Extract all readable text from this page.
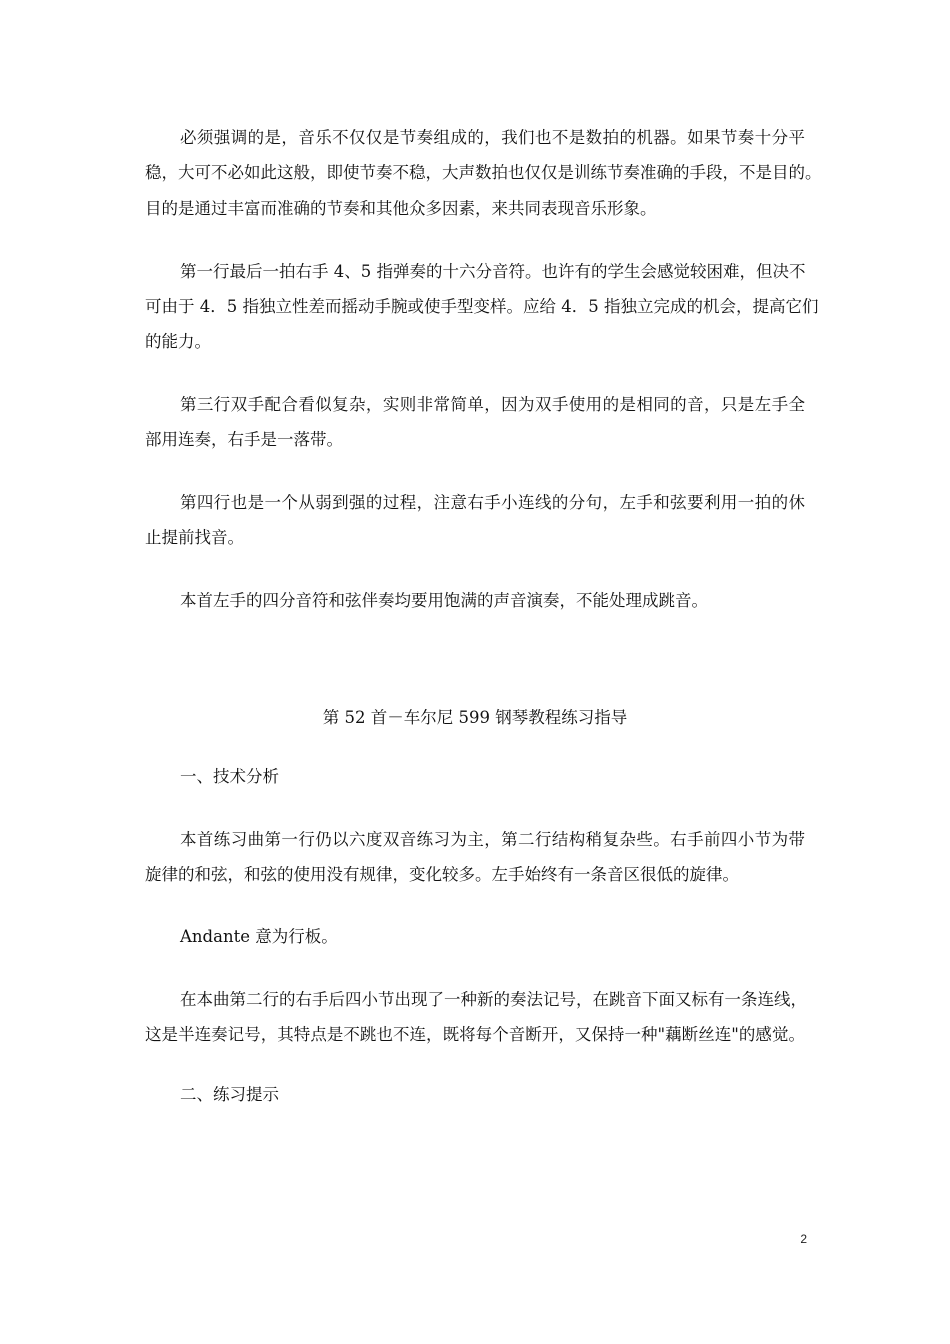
必须强调的是，音乐不仅仅是节奏组成的，我们也不是数拍的机器。如果节奏十分平

稳，大可不必如此这般，即使节奏不稳，大声数拍也仅仅是训练节奏准确的手段，不是目的。

目的是通过丰富而准确的节奏和其他众多因素，来共同表现音乐形象。

第一行最后一拍右手 4、5 指弹奏的十六分音符。也许有的学生会感觉较困难，但决不

可由于 4．5 指独立性差而摇动手腕或使手型变样。应给 4．5 指独立完成的机会，提高它们

的能力。

第三行双手配合看似复杂，实则非常简单，因为双手使用的是相同的音，只是左手全

部用连奏，右手是一落带。

第四行也是一个从弱到强的过程，注意右手小连线的分句，左手和弦要利用一拍的休

止提前找音。

本首左手的四分音符和弦伴奏均要用饱满的声音演奏，不能处理成跳音。

第 52 首－车尔尼 599 钢琴教程练习指导

一、技术分析

本首练习曲第一行仍以六度双音练习为主，第二行结构稍复杂些。右手前四小节为带

旋律的和弦，和弦的使用没有规律，变化较多。左手始终有一条音区很低的旋律。

Andante 意为行板。

在本曲第二行的右手后四小节出现了一种新的奏法记号，在跳音下面又标有一条连线，

这是半连奏记号，其特点是不跳也不连，既将每个音断开，又保持一种"藕断丝连"的感觉。

二、练习提示

2
